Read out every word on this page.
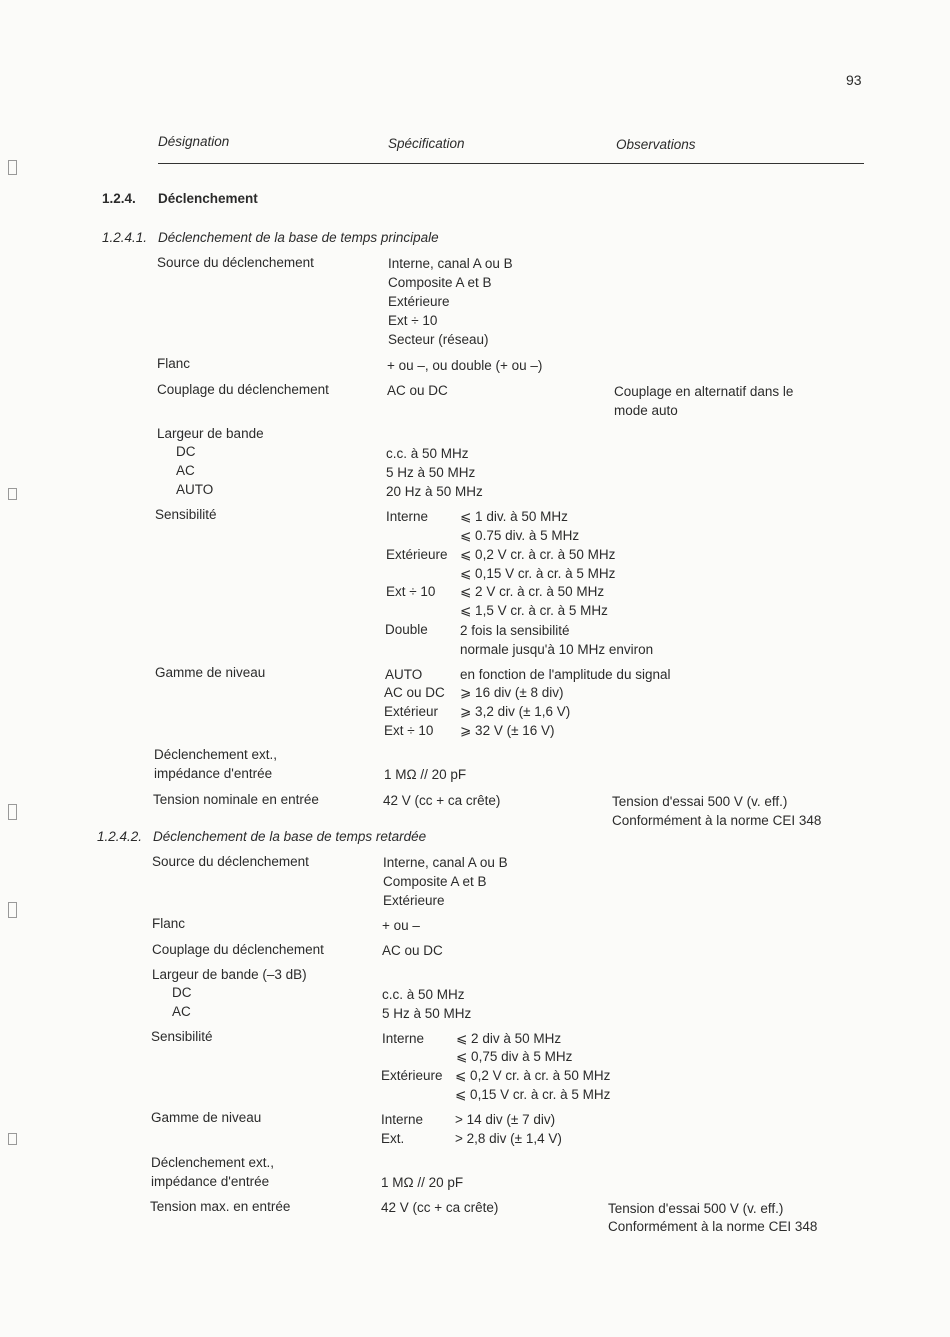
93
Désignation	Spécification	Observations
1.2.4. Déclenchement
1.2.4.1. Déclenchement de la base de temps principale
Source du déclenchement	Interne, canal A ou B
Composite A et B
Extérieure
Ext ÷ 10
Secteur (réseau)
Flanc	+ ou –, ou double (+ ou –)
Couplage du déclenchement	AC ou DC	Couplage en alternatif dans le
mode auto
Largeur de bande
DC	c.c. à 50 MHz
AC	5 Hz à 50 MHz
AUTO	20 Hz à 50 MHz
Sensibilité	Interne ⩽ 1 div. à 50 MHz
⩽ 0.75 div. à 5 MHz
Extérieure ⩽ 0,2 V cr. à cr. à 50 MHz
⩽ 0,15 V cr. à cr. à 5 MHz
Ext ÷ 10 ⩽ 2 V cr. à cr. à 50 MHz
⩽ 1,5 V cr. à cr. à 5 MHz
Double 2 fois la sensibilité
normale jusqu'à 10 MHz environ
Gamme de niveau	AUTO	en fonction de l'amplitude du signal
AC ou DC ⩾ 16 div (± 8 div)
Extérieur ⩾ 3,2 div (± 1,6 V)
Ext ÷ 10 ⩾ 32 V (± 16 V)
Déclenchement ext.,
impédance d'entrée	1 MΩ // 20 pF
Tension nominale en entrée	42 V (cc + ca crête)	Tension d'essai 500 V (v. eff.)
Conformément à la norme CEI 348
1.2.4.2. Déclenchement de la base de temps retardée
Source du déclenchement	Interne, canal A ou B
Composite A et B
Extérieure
Flanc	+ ou –
Couplage du déclenchement	AC ou DC
Largeur de bande (–3 dB)
DC	c.c. à 50 MHz
AC	5 Hz à 50 MHz
Sensibilité	Interne ⩽ 2 div à 50 MHz
⩽ 0,75 div à 5 MHz
Extérieure ⩽ 0,2 V cr. à cr. à 50 MHz
⩽ 0,15 V cr. à cr. à 5 MHz
Gamme de niveau	Interne > 14 div (± 7 div)
Ext.	> 2,8 div (± 1,4 V)
Déclenchement ext.,
impédance d'entrée	1 MΩ // 20 pF
Tension max. en entrée	42 V (cc + ca crête)	Tension d'essai 500 V (v. eff.)
Conformément à la norme CEI 348
